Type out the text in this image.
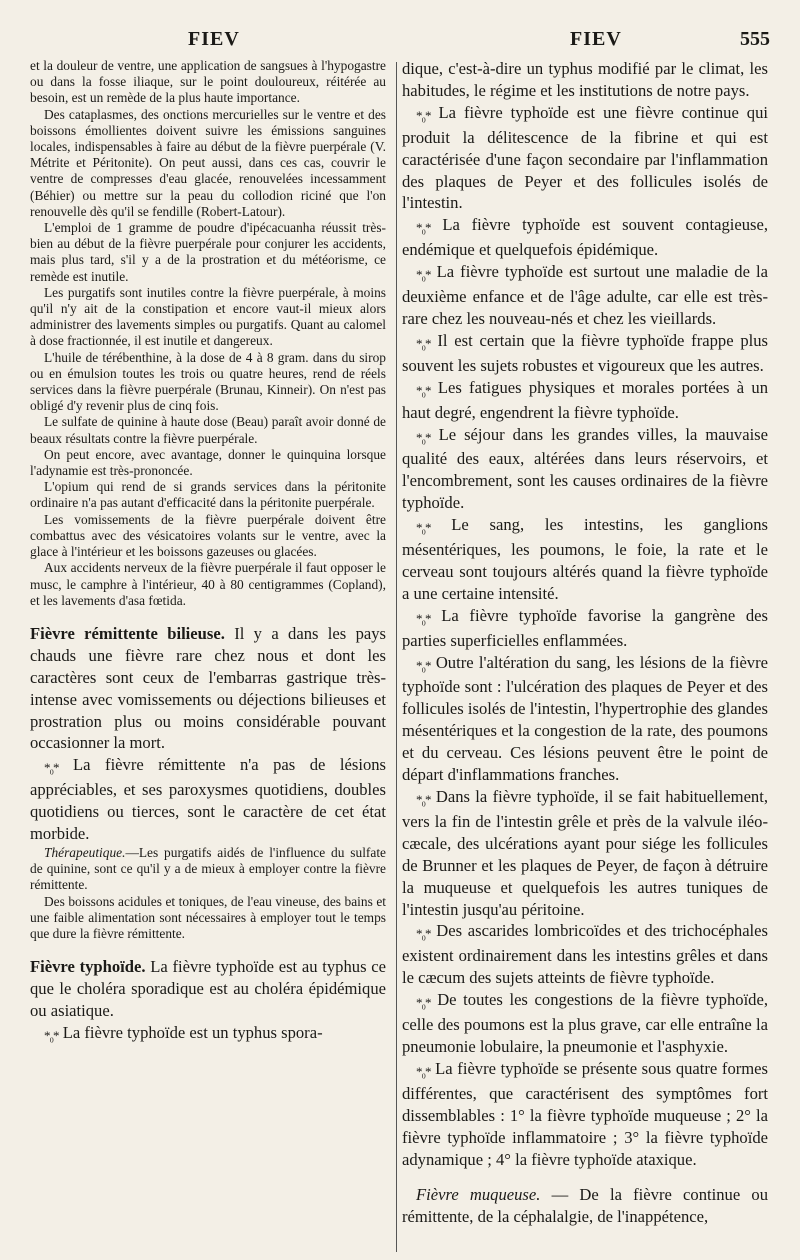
FIEV	FIEV	555

et la douleur de ventre, une application de sangsues à l'hypogastre ou dans la fosse iliaque, sur le point douloureux, réitérée au besoin, est un remède de la plus haute importance.

Des cataplasmes, des onctions mercurielles sur le ventre et des boissons émollientes doivent suivre les émissions sanguines locales, indispensables à faire au début de la fièvre puerpérale (V. Métrite et Péritonite). On peut aussi, dans ces cas, couvrir le ventre de compresses d'eau glacée, renouvelées incessamment (Béhier) ou mettre sur la peau du collodion riciné que l'on renouvelle dès qu'il se fendille (Robert-Latour).

L'emploi de 1 gramme de poudre d'ipécacuanha réussit très-bien au début de la fièvre puerpérale pour conjurer les accidents, mais plus tard, s'il y a de la prostration et du météorisme, ce remède est inutile.

Les purgatifs sont inutiles contre la fièvre puerpérale, à moins qu'il n'y ait de la constipation et encore vaut-il mieux alors administrer des lavements simples ou purgatifs. Quant au calomel à dose fractionnée, il est inutile et dangereux.

L'huile de térébenthine, à la dose de 4 à 8 gram. dans du sirop ou en émulsion toutes les trois ou quatre heures, rend de réels services dans la fièvre puerpérale (Brunau, Kinneir). On n'est pas obligé d'y revenir plus de cinq fois.

Le sulfate de quinine à haute dose (Beau) paraît avoir donné de beaux résultats contre la fièvre puerpérale.

On peut encore, avec avantage, donner le quinquina lorsque l'adynamie est très-prononcée.

L'opium qui rend de si grands services dans la péritonite ordinaire n'a pas autant d'efficacité dans la péritonite puerpérale.

Les vomissements de la fièvre puerpérale doivent être combattus avec des vésicatoires volants sur le ventre, avec la glace à l'intérieur et les boissons gazeuses ou glacées.

Aux accidents nerveux de la fièvre puerpérale il faut opposer le musc, le camphre à l'intérieur, 40 à 80 centigrammes (Copland), et les lavements d'asa fœtida.

Fièvre rémittente bilieuse. Il y a dans les pays chauds une fièvre rare chez nous et dont les caractères sont ceux de l'embarras gastrique très-intense avec vomissements ou déjections bilieuses et prostration plus ou moins considérable pouvant occasionner la mort.

*₀* La fièvre rémittente n'a pas de lésions appréciables, et ses paroxysmes quotidiens, doubles quotidiens ou tierces, sont le caractère de cet état morbide.

Thérapeutique.—Les purgatifs aidés de l'influence du sulfate de quinine, sont ce qu'il y a de mieux à employer contre la fièvre rémittente.

Des boissons acidules et toniques, de l'eau vineuse, des bains et une faible alimentation sont nécessaires à employer tout le temps que dure la fièvre rémittente.

Fièvre typhoïde. La fièvre typhoïde est au typhus ce que le choléra sporadique est au choléra épidémique ou asiatique.

*₀* La fièvre typhoïde est un typhus spora-

dique, c'est-à-dire un typhus modifié par le climat, les habitudes, le régime et les institutions de notre pays.

*₀* La fièvre typhoïde est une fièvre continue qui produit la délitescence de la fibrine et qui est caractérisée d'une façon secondaire par l'inflammation des plaques de Peyer et des follicules isolés de l'intestin.

*₀* La fièvre typhoïde est souvent contagieuse, endémique et quelquefois épidémique.

*₀* La fièvre typhoïde est surtout une maladie de la deuxième enfance et de l'âge adulte, car elle est très-rare chez les nouveau-nés et chez les vieillards.

*₀* Il est certain que la fièvre typhoïde frappe plus souvent les sujets robustes et vigoureux que les autres.

*₀* Les fatigues physiques et morales portées à un haut degré, engendrent la fièvre typhoïde.

*₀* Le séjour dans les grandes villes, la mauvaise qualité des eaux, altérées dans leurs réservoirs, et l'encombrement, sont les causes ordinaires de la fièvre typhoïde.

*₀* Le sang, les intestins, les ganglions mésentériques, les poumons, le foie, la rate et le cerveau sont toujours altérés quand la fièvre typhoïde a une certaine intensité.

*₀* La fièvre typhoïde favorise la gangrène des parties superficielles enflammées.

*₀* Outre l'altération du sang, les lésions de la fièvre typhoïde sont : l'ulcération des plaques de Peyer et des follicules isolés de l'intestin, l'hypertrophie des glandes mésentériques et la congestion de la rate, des poumons et du cerveau. Ces lésions peuvent être le point de départ d'inflammations franches.

*₀* Dans la fièvre typhoïde, il se fait habituellement, vers la fin de l'intestin grêle et près de la valvule iléo-cæcale, des ulcérations ayant pour siége les follicules de Brunner et les plaques de Peyer, de façon à détruire la muqueuse et quelquefois les autres tuniques de l'intestin jusqu'au péritoine.

*₀* Des ascarides lombricoïdes et des trichocéphales existent ordinairement dans les intestins grêles et dans le cæcum des sujets atteints de fièvre typhoïde.

*₀* De toutes les congestions de la fièvre typhoïde, celle des poumons est la plus grave, car elle entraîne la pneumonie lobulaire, la pneumonie et l'asphyxie.

*₀* La fièvre typhoïde se présente sous quatre formes différentes, que caractérisent des symptômes fort dissemblables : 1° la fièvre typhoïde muqueuse ; 2° la fièvre typhoïde inflammatoire ; 3° la fièvre typhoïde adynamique ; 4° la fièvre typhoïde ataxique.

Fièvre muqueuse. — De la fièvre continue ou rémittente, de la céphalalgie, de l'inappétence,
